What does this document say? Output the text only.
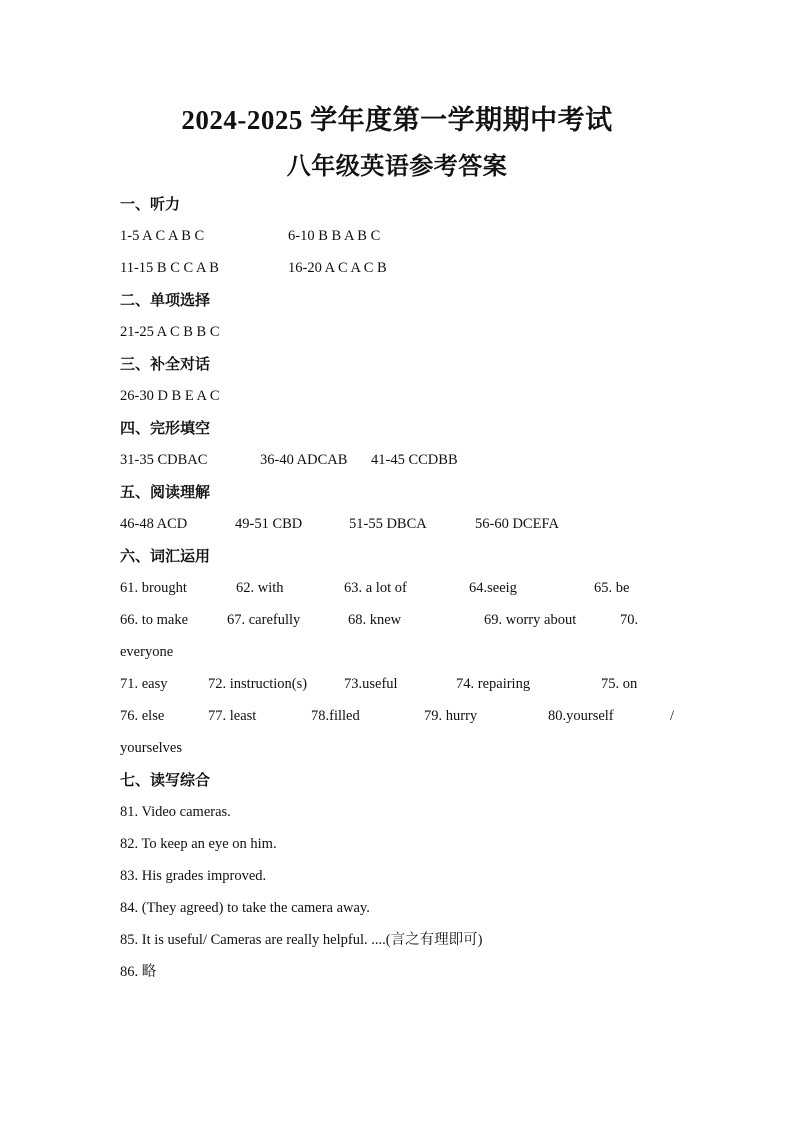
2024-2025 学年度第一学期期中考试
八年级英语参考答案
一、听力
1-5 A C A B C	6-10 B B A B C
11-15 B C C A B	16-20 A C A C B
二、单项选择
21-25 A C B B C
三、补全对话
26-30 D B E A C
四、完形填空
31-35 CDBAC	36-40 ADCAB 41-45 CCDBB
五、阅读理解
46-48 ACD	49-51 CBD	51-55 DBCA	56-60 DCEFA
六、词汇运用
61. brought	62. with	63. a lot of	64.seeig	65. be
66. to make	67. carefully	68. knew	69. worry about	70.
everyone
71. easy	72. instruction(s)	73.useful	74. repairing	75. on
76. else	77. least	78.filled	79. hurry	80.yourself	/
yourselves
七、读写综合
81. Video cameras.
82. To keep an eye on him.
83. His grades improved.
84. (They agreed) to take the camera away.
85. It is useful/ Cameras are really helpful. ....(言之有理即可)
86. 略
